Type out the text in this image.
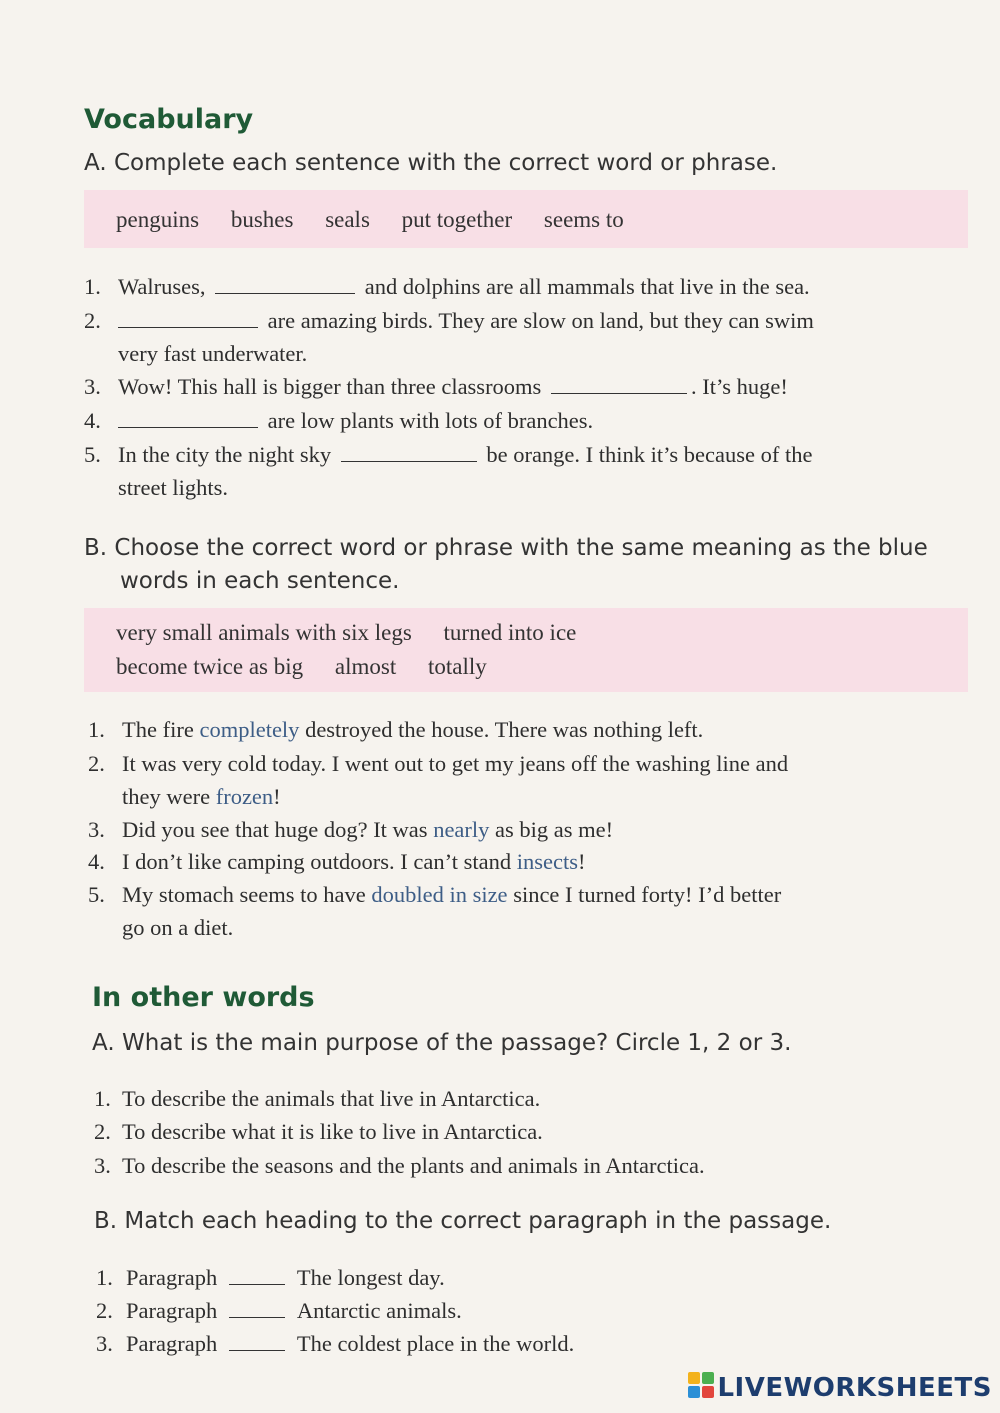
Vocabulary
A. Complete each sentence with the correct word or phrase.
penguins bushes seals put together seems to
1. Walruses,	and dolphins are all mammals that live in the sea.
2.	are amazing birds. They are slow on land, but they can swim
very fast underwater.
3. Wow! This hall is bigger than three classrooms	. It’s huge!
4.	are low plants with lots of branches.
5. In the city the night sky	be orange. I think it’s because of the
street lights.
B. Choose the correct word or phrase with the same meaning as the blue
words in each sentence.
very small animals with six legs turned into ice
become twice as big almost totally
1. The fire completely destroyed the house. There was nothing left.
2. It was very cold today. I went out to get my jeans off the washing line and
they were frozen!
3. Did you see that huge dog? It was nearly as big as me!
4. I don’t like camping outdoors. I can’t stand insects!
5. My stomach seems to have doubled in size since I turned forty! I’d better
go on a diet.
In other words
A. What is the main purpose of the passage? Circle 1, 2 or 3.
1. To describe the animals that live in Antarctica.
2. To describe what it is like to live in Antarctica.
3. To describe the seasons and the plants and animals in Antarctica.
B. Match each heading to the correct paragraph in the passage.
1. Paragraph	The longest day.
2. Paragraph	Antarctic animals.
3. Paragraph	The coldest place in the world.
LIVEWORKSHEETS
